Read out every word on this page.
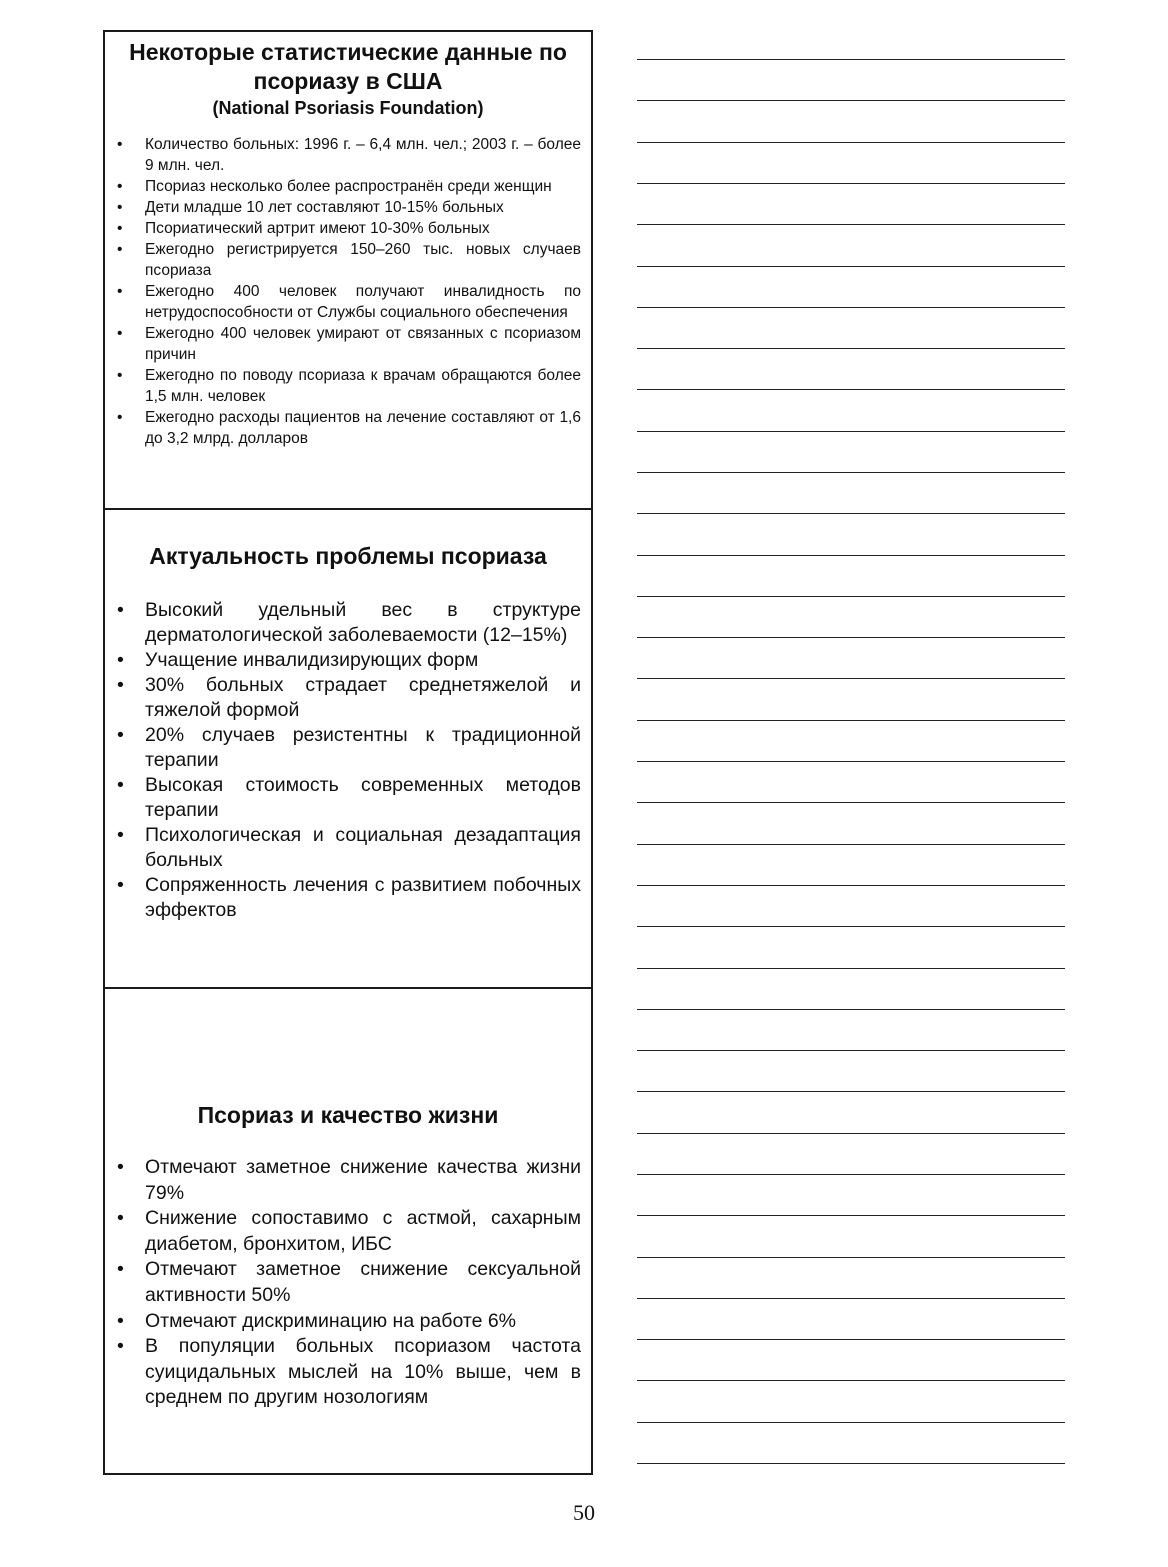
Некоторые статистические данные по псориазу в США
(National Psoriasis Foundation)
• Количество больных: 1996 г. – 6,4 млн. чел.; 2003 г. – более 9 млн. чел.
• Псориаз несколько более распространён среди женщин
• Дети младше 10 лет составляют 10-15% больных
• Псориатический артрит имеют 10-30% больных
• Ежегодно регистрируется 150–260 тыс. новых случаев псориаза
• Ежегодно 400 человек получают инвалидность по нетрудоспособности от Службы социального обеспечения
• Ежегодно 400 человек умирают от связанных с псориазом причин
• Ежегодно по поводу псориаза к врачам обращаются более 1,5 млн. человек
• Ежегодно расходы пациентов на лечение составляют от 1,6 до 3,2 млрд. долларов
Актуальность проблемы псориаза
• Высокий удельный вес в структуре дерматологической заболеваемости (12–15%)
• Учащение инвалидизирующих форм
• 30% больных страдает среднетяжелой и тяжелой формой
• 20% случаев резистентны к традиционной терапии
• Высокая стоимость современных методов терапии
• Психологическая и социальная дезадаптация больных
• Сопряженность лечения с развитием побочных эффектов
Псориаз и качество жизни
• Отмечают заметное снижение качества жизни 79%
• Снижение сопоставимо с астмой, сахарным диабетом, бронхитом, ИБС
• Отмечают заметное снижение сексуальной активности 50%
• Отмечают дискриминацию на работе 6%
• В популяции больных псориазом частота суицидальных мыслей на 10% выше, чем в среднем по другим нозологиям
50
